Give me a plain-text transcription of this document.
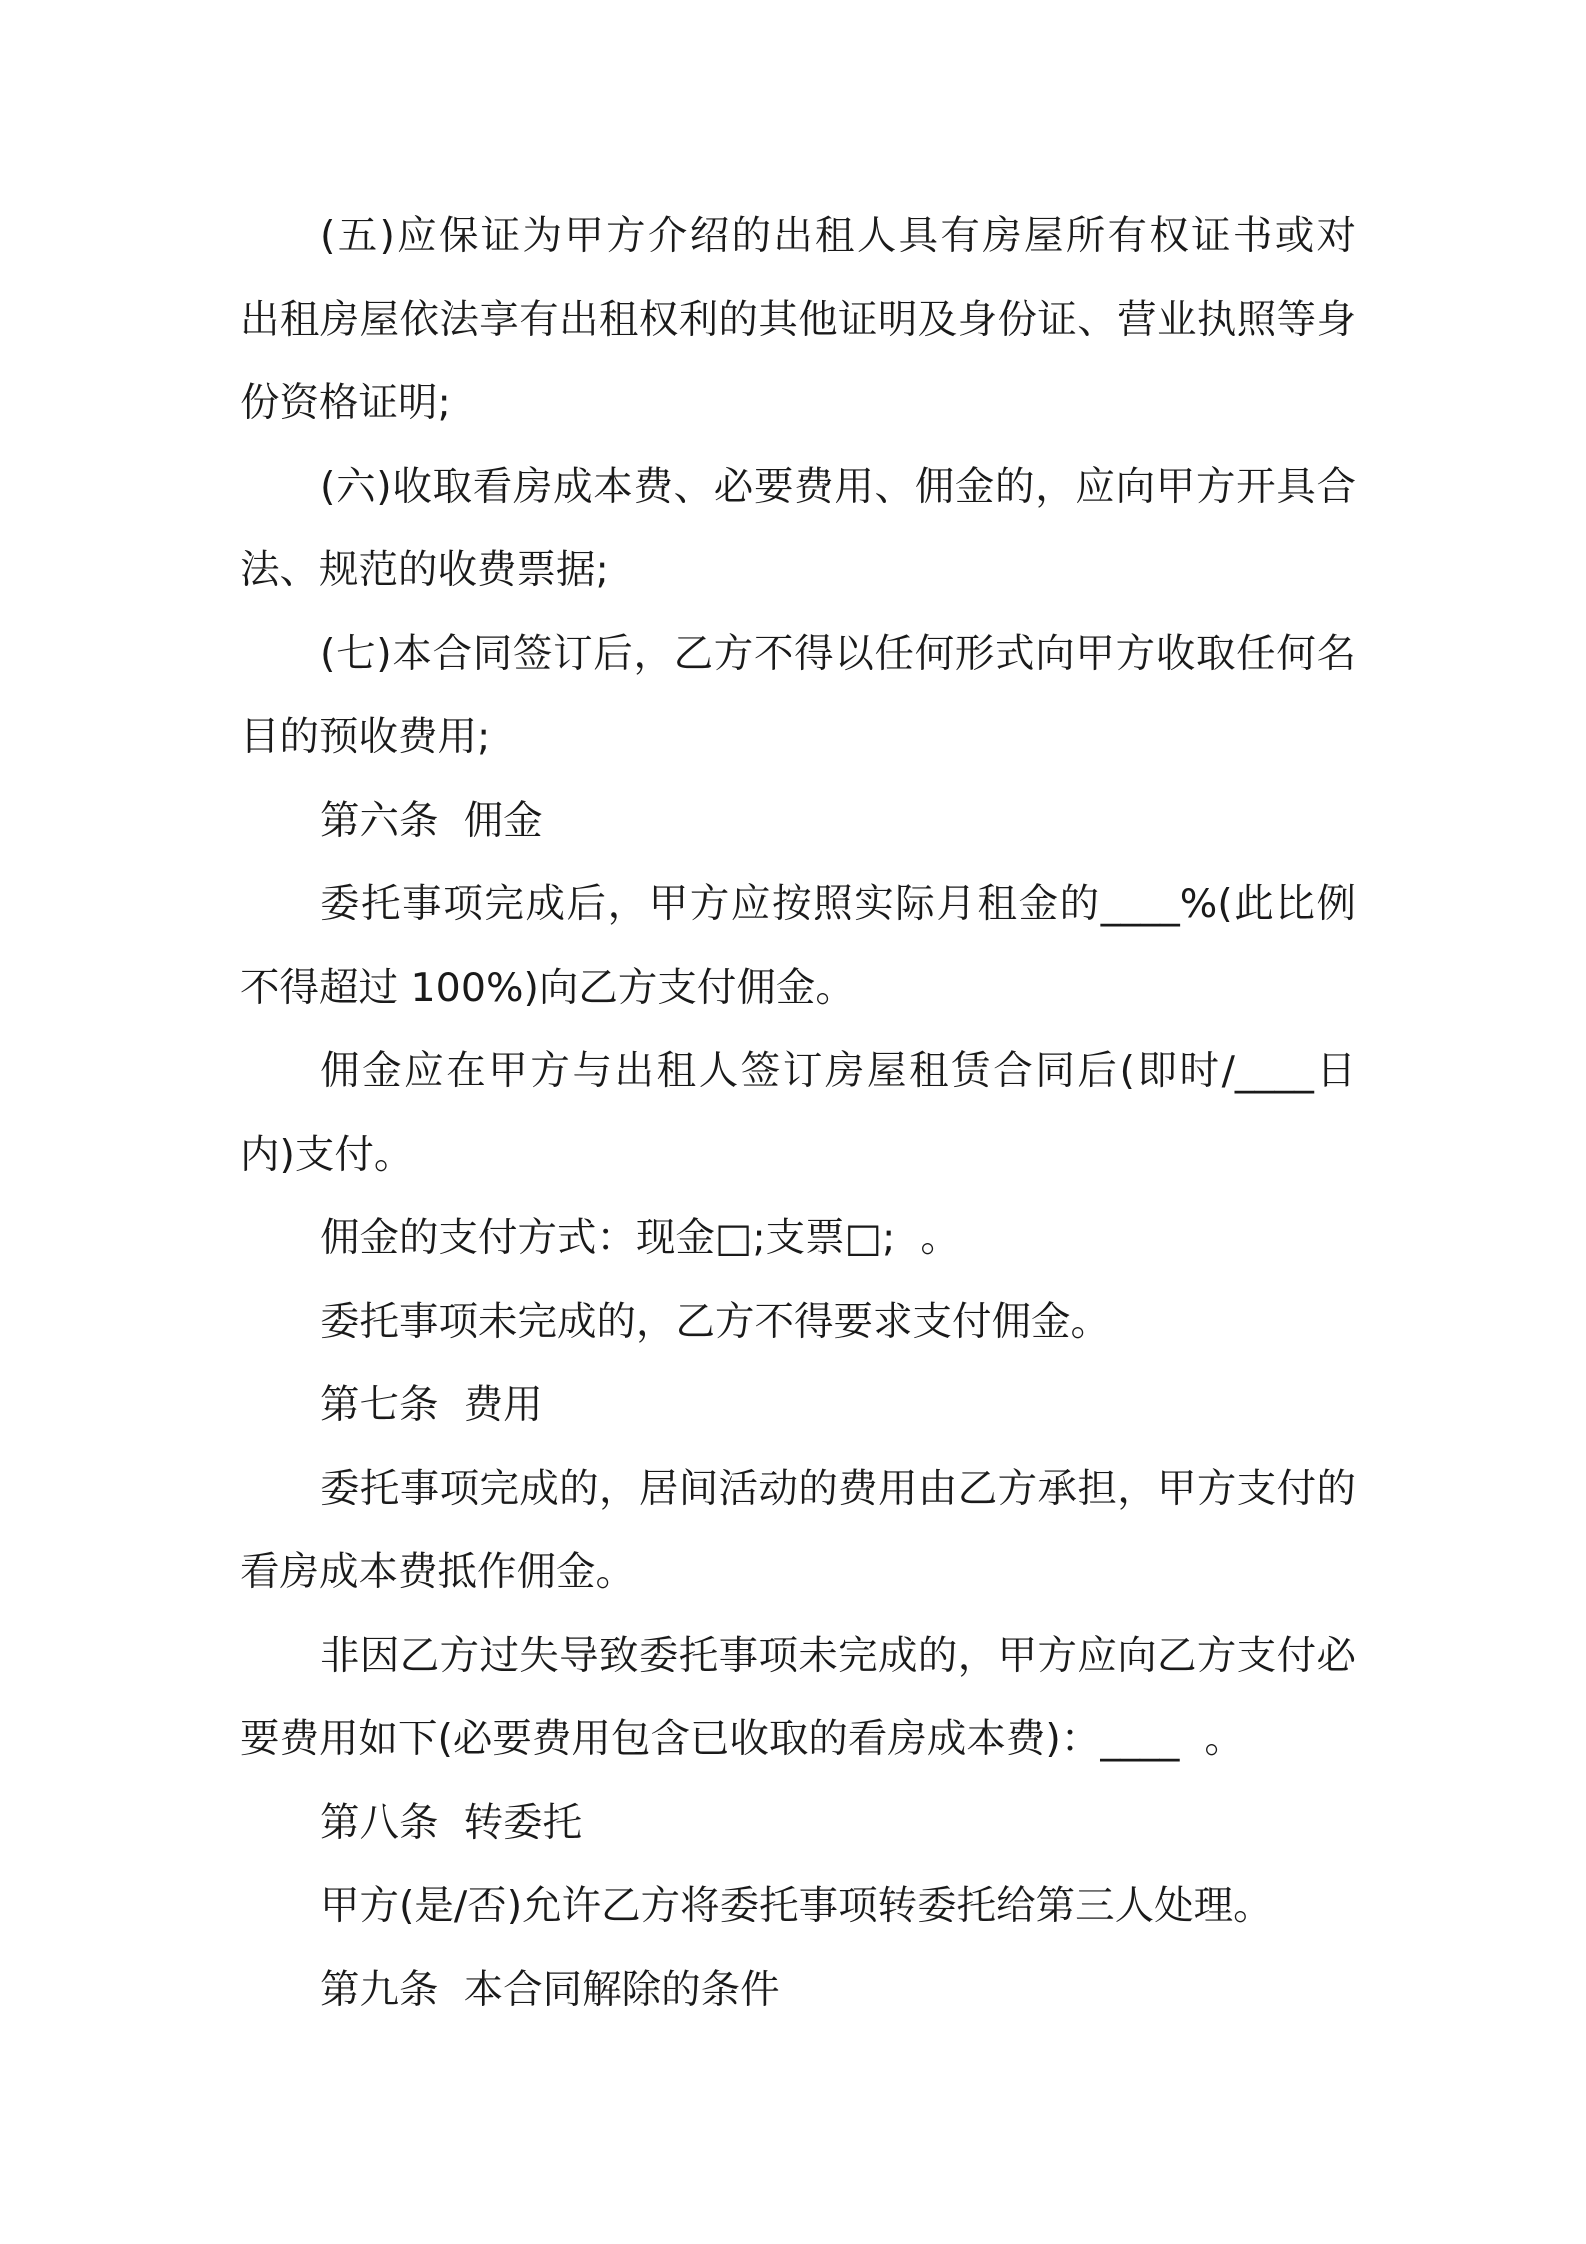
(五)应保证为甲方介绍的出租人具有房屋所有权证书或对
出租房屋依法享有出租权利的其他证明及身份证、营业执照等身
份资格证明;
(六)收取看房成本费、必要费用、佣金的，应向甲方开具合
法、规范的收费票据;
(七)本合同签订后，乙方不得以任何形式向甲方收取任何名
目的预收费用;
第六条  佣金
委托事项完成后，甲方应按照实际月租金的____%(此比例
不得超过 100%)向乙方支付佣金。
佣金应在甲方与出租人签订房屋租赁合同后(即时/____日
内)支付。
佣金的支付方式：现金□;支票□;  。
委托事项未完成的，乙方不得要求支付佣金。
第七条  费用
委托事项完成的，居间活动的费用由乙方承担，甲方支付的
看房成本费抵作佣金。
非因乙方过失导致委托事项未完成的，甲方应向乙方支付必
要费用如下(必要费用包含已收取的看房成本费)：____  。
第八条  转委托
甲方(是/否)允许乙方将委托事项转委托给第三人处理。
第九条  本合同解除的条件
